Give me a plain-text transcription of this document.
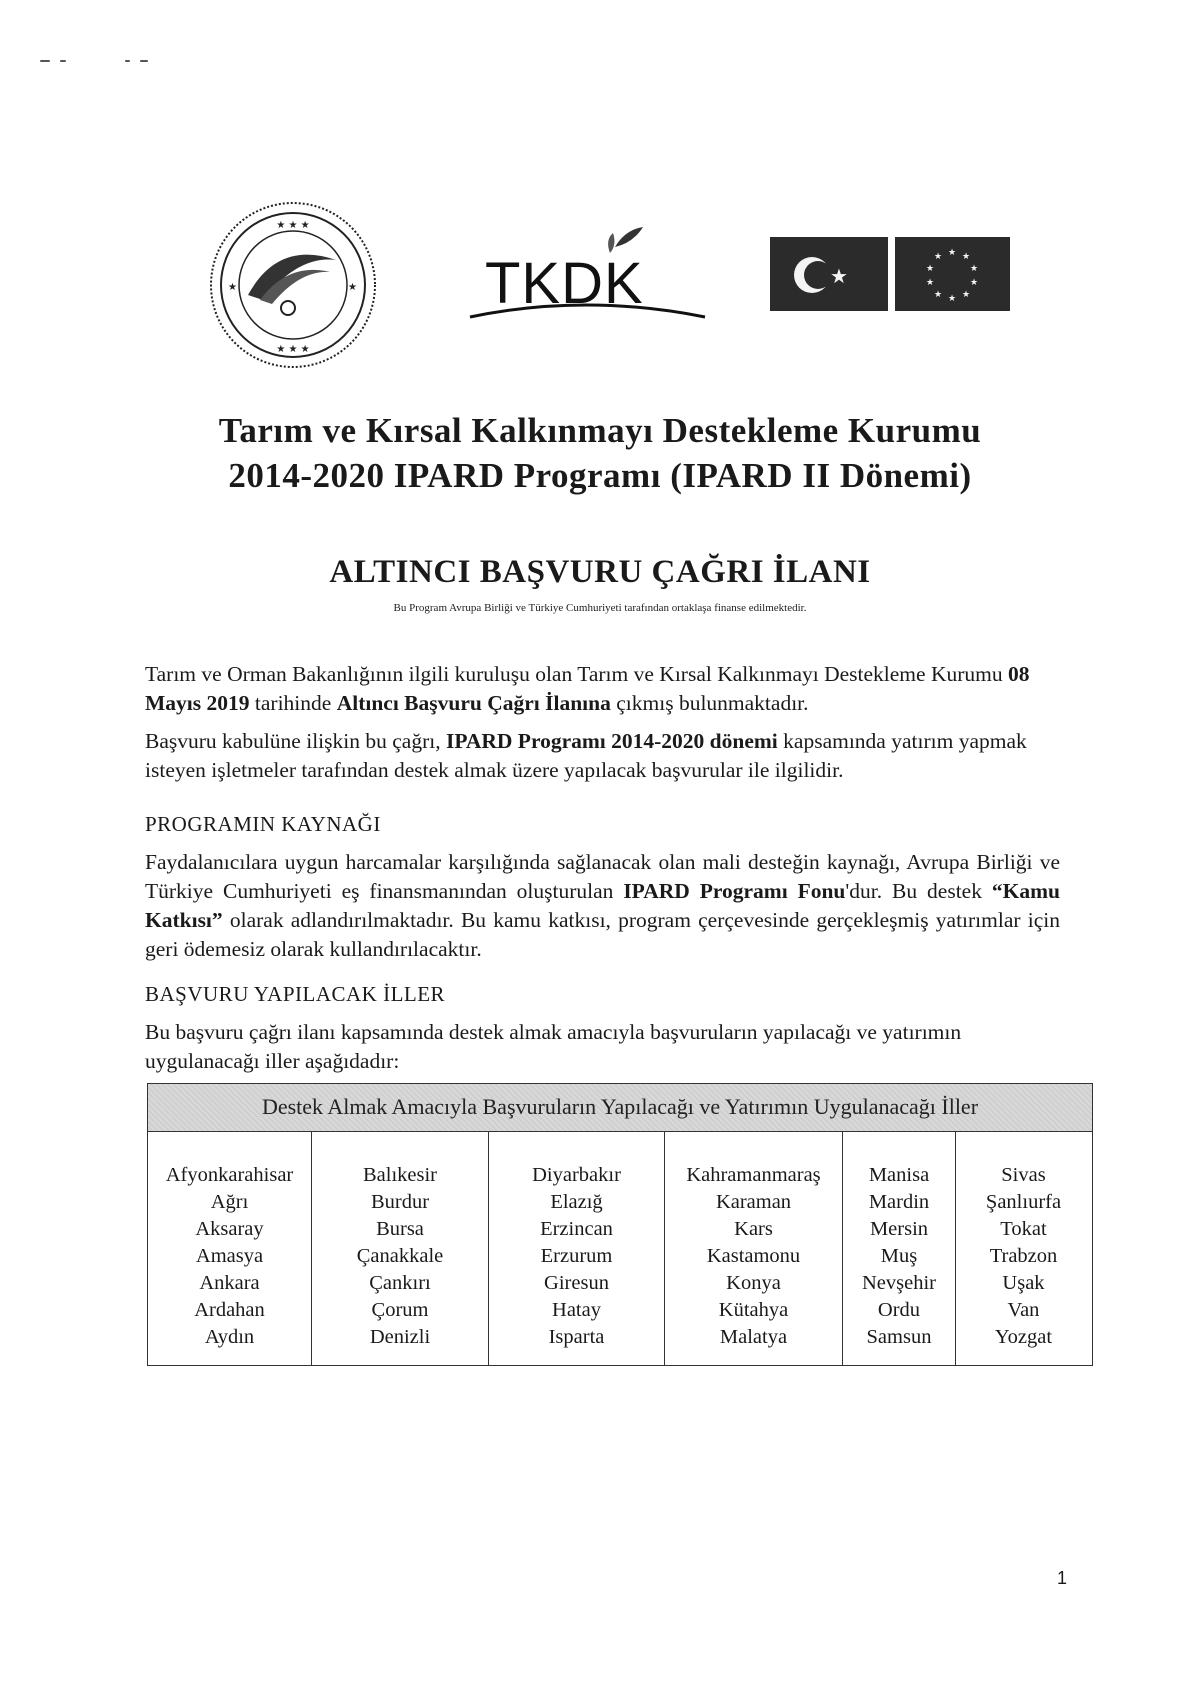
★ ★ ★
★ ★ ★
★	★ TKDK	★
★ ★
★
★
★
★
★
★
★
★
Tarım ve Kırsal Kalkınmayı Destekleme Kurumu
2014-2020 IPARD Programı (IPARD II Dönemi)
ALTINCI BAŞVURU ÇAĞRI İLANI
Bu Program Avrupa Birliği ve Türkiye Cumhuriyeti tarafından ortaklaşa finanse edilmektedir.

Tarım ve Orman Bakanlığının ilgili kuruluşu olan Tarım ve Kırsal Kalkınmayı Destekleme Kurumu 08 Mayıs 2019 tarihinde Altıncı Başvuru Çağrı İlanına çıkmış bulunmaktadır.

Başvuru kabulüne ilişkin bu çağrı, IPARD Programı 2014-2020 dönemi kapsamında yatırım yapmak isteyen işletmeler tarafından destek almak üzere yapılacak başvurular ile ilgilidir.

PROGRAMIN KAYNAĞI

Faydalanıcılara uygun harcamalar karşılığında sağlanacak olan mali desteğin kaynağı, Avrupa Birliği ve Türkiye Cumhuriyeti eş finansmanından oluşturulan IPARD Programı Fonu'dur. Bu destek “Kamu Katkısı” olarak adlandırılmaktadır. Bu kamu katkısı, program çerçevesinde gerçekleşmiş yatırımlar için geri ödemesiz olarak kullandırılacaktır.

BAŞVURU YAPILACAK İLLER

Bu başvuru çağrı ilanı kapsamında destek almak amacıyla başvuruların yapılacağı ve yatırımın uygulanacağı iller aşağıdadır:

Destek Almak Amacıyla Başvuruların Yapılacağı ve Yatırımın Uygulanacağı İller
Afyonkarahisar
Ağrı
Aksaray
Amasya
Ankara
Ardahan
Aydın
Balıkesir
Burdur
Bursa
Çanakkale
Çankırı
Çorum
Denizli
Diyarbakır
Elazığ
Erzincan
Erzurum
Giresun
Hatay
Isparta
Kahramanmaraş
Karaman
Kars
Kastamonu
Konya
Kütahya
Malatya
Manisa
Mardin
Mersin
Muş
Nevşehir
Ordu
Samsun
Sivas
Şanlıurfa
Tokat
Trabzon
Uşak
Van
Yozgat
1
